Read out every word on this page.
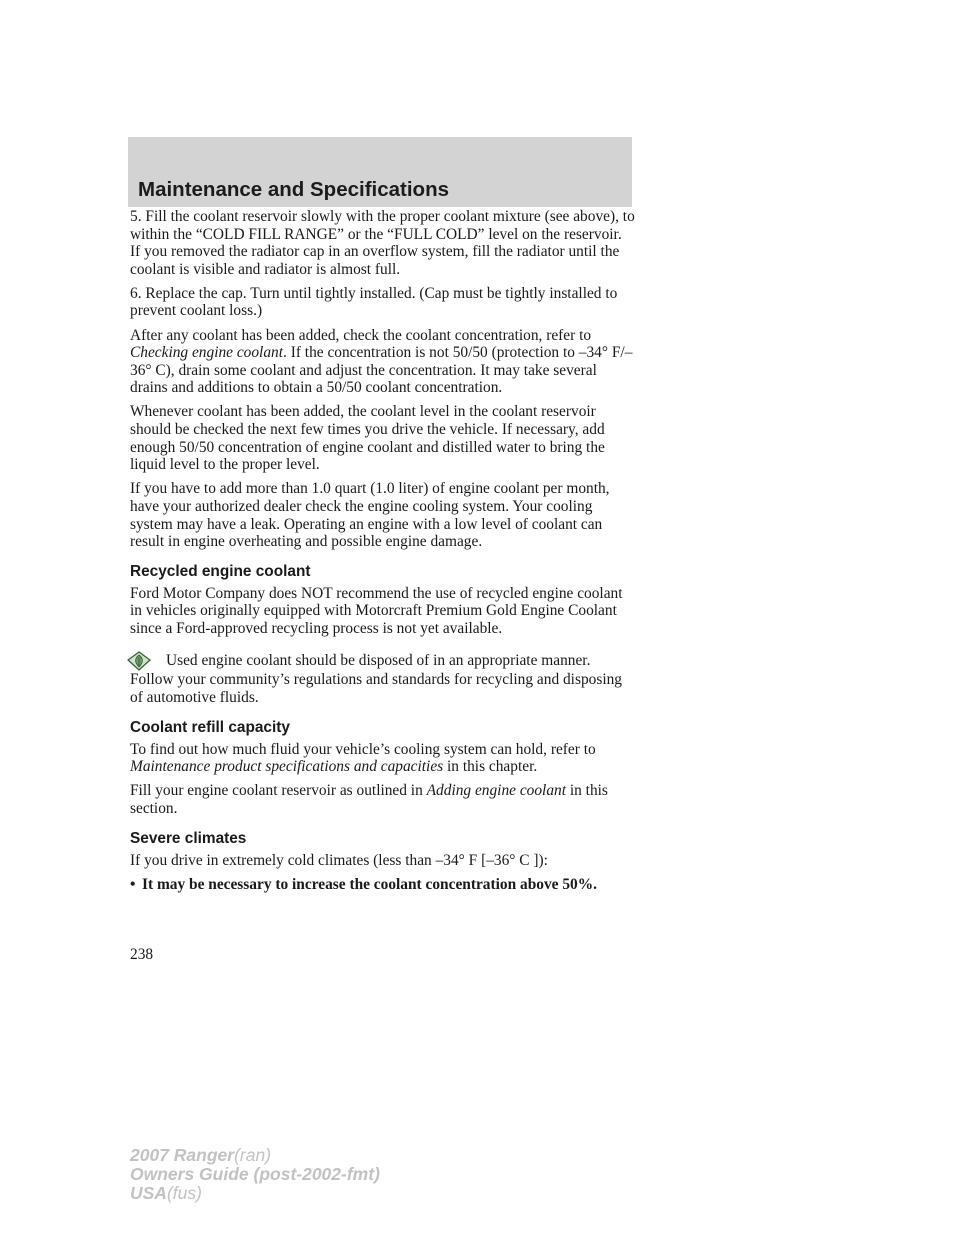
Maintenance and Specifications

5. Fill the coolant reservoir slowly with the proper coolant mixture (see above), to within the “COLD FILL RANGE” or the “FULL COLD” level on the reservoir. If you removed the radiator cap in an overflow system, fill the radiator until the coolant is visible and radiator is almost full.

6. Replace the cap. Turn until tightly installed. (Cap must be tightly installed to prevent coolant loss.)

After any coolant has been added, check the coolant concentration, refer to Checking engine coolant. If the concentration is not 50/50 (protection to –34° F/–36° C), drain some coolant and adjust the concentration. It may take several drains and additions to obtain a 50/50 coolant concentration.

Whenever coolant has been added, the coolant level in the coolant reservoir should be checked the next few times you drive the vehicle. If necessary, add enough 50/50 concentration of engine coolant and distilled water to bring the liquid level to the proper level.

If you have to add more than 1.0 quart (1.0 liter) of engine coolant per month, have your authorized dealer check the engine cooling system. Your cooling system may have a leak. Operating an engine with a low level of coolant can result in engine overheating and possible engine damage.

Recycled engine coolant

Ford Motor Company does NOT recommend the use of recycled engine coolant in vehicles originally equipped with Motorcraft Premium Gold Engine Coolant since a Ford-approved recycling process is not yet available.

Used engine coolant should be disposed of in an appropriate manner. Follow your community’s regulations and standards for recycling and disposing of automotive fluids.

Coolant refill capacity

To find out how much fluid your vehicle’s cooling system can hold, refer to Maintenance product specifications and capacities in this chapter.

Fill your engine coolant reservoir as outlined in Adding engine coolant in this section.

Severe climates

If you drive in extremely cold climates (less than –34° F [–36° C ]):

• It may be necessary to increase the coolant concentration above 50%.
238
2007 Ranger(ran)
Owners Guide (post-2002-fmt)
USA(fus)
